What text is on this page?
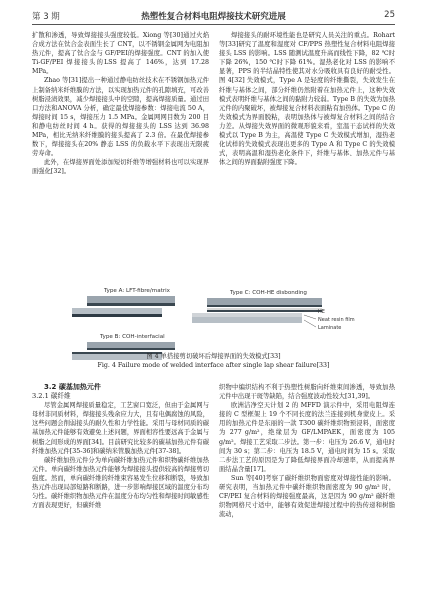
第 3 期	热塑性复合材料电阻焊接技术研究进展	25

扩散和渗透，导致焊接接头强度较低。Xiong 等[30]通过火焰合成方法在钛合金表面生长了 CNT，以不锈钢金属网为电阻加热元件，提高了钛合金与 GF/PEI的焊接强度。CNT 的加入使 Ti-GF/PEI 焊接接头的LSS 提高了 146%，达到 17.28 MPa。

Zhao 等[31]提出一种通过静电纺丝技术在不锈钢加热元件上制备纳米纤维膜的方法，以实现加热元件的孔隙填充，可改善树脂浸渍效果，减少焊接接头中的空隙，提高焊接质量。通过田口方法和ANOVA 分析，确定最优焊接参数：焊接电流 50 A，焊接时间 15 s，焊接压力 1.5 MPa。金属网网目数为 200 目和静电纺丝时间 4 h。获得的焊接接头的 LSS 达到 36.98 MPa，相比无纳米纤维膜的接头提高了 2.3 倍。在最优焊接参数下，焊接接头在20% 静态 LSS 的负载水平下表现出无限疲劳寿命。

此外，在焊接界面处添加短切纤维等增强材料也可以实现界面强化[32]。

焊接接头的耐环境性能也是研究人员关注的重点。Rohart 等[33]研究了温度和湿度对 CF/PPS 热塑性复合材料电阻焊接接头 LSS 的影响。LSS 随测试温度升高而线性下降，82 ℃时下降 26%，150 ℃时下降 61%。湿热老化对 LSS 的影响不显著，PPS 的半结晶特性使其对水分吸收具有良好的耐受性。图 4[32] 失效模式，Type A 是轻度的纤维撕裂，失效发生在纤维与基体之间，部分纤维仍然附着在加热元件上，这种失效模式表明纤维与基体之间的黏附力较弱。Type B 的失效为加热元件的内聚破坏，被焊接复合材料表面粘有加热体。Type C 的失效模式为界面脱粘，表明加热体与被焊复合材料之间的结合力差。从焊接失效界面的微观形貌来看，室温干态试样的失效模式以 Type B 为主，高温使 Type C 失效模式增加，湿热老化试样的失效模式表现出更多的 Type A 和 Type C 的失效模式，表明高温和湿热老化条件下，纤维与基体、加热元件与基体之间的界面黏附强度下降。

Type A: LFT-fibre/matrix
Type B: COH-interfacial
Type C: COH-HE disbonding
HE
Neat resin film
Laminate
图 4 单搭接剪切破坏后焊接界面的失效模式[33]
Fig. 4 Failure mode of welded interface after single lap shear failure[33]

3.2 碳基加热元件

3.2.1 碳纤维

尽管金属网焊接质量稳定，工艺窗口宽泛，但由于金属网与母材非同质材料，焊接接头残余应力大，且有电偶腐蚀的风险，这些问题会削弱接头的耐久性和力学性能。采用与母材同质的碳基加热元件能够有效避免上述问题，界面相容性要远高于金属与树脂之间形成的界面[34]。目前研究比较多的碳基加热元件有碳纤维加热元件[35-36]和碳纳米管膜加热元件[37-38]。

碳纤维加热元件分为单向碳纤维加热元件和织物碳纤维加热元件。单向碳纤维加热元件能够为焊接接头提供较高的焊接剪切强度。然而，单向碳纤维的纤维束容易发生位移和断裂，导致加热元件出现局部短路和断路，进一步影响焊接区域的温度分布均匀性。碳纤维织物加热元件在温度分布均匀性和焊接时间敏感性方面表现更好，但碳纤维

织物中编织结构不利于热塑性树脂向纤维束间渗透，导致加热元件中出现干斑等缺陷，结合强度波动性较大[31,39]。

欧洲洁净空天计划 2 的 MFFD 演示件中，采用电阻焊连接的 C 型框架上 19 个不同长度的法兰连接到机身蒙皮上。采用的加热元件是东丽的一款 T300 碳纤维织物预浸料，面密度为 277 g/m²，绝缘层为 GF/LMPAEK，面密度为 105 g/m²。焊接工艺采取二步法。第一步：电压为 26.6 V，通电时间为 30 s；第二步：电压为 18.5 V，通电时间为 15 s。采取二步法工艺的原因是为了降低焊接界面冷却速率，从而提高界面结晶含量[17]。

Sun 等[40]考察了碳纤维织物面密度对焊接性能的影响。研究表明，当加热元件中碳纤维织物面密度为 90 g/m² 时，CF/PEI 复合材料的焊接强度最高，这是因为 90 g/m² 碳纤维织物网格尺寸适中，能够有效促进焊接过程中的热传递和树脂流动，
